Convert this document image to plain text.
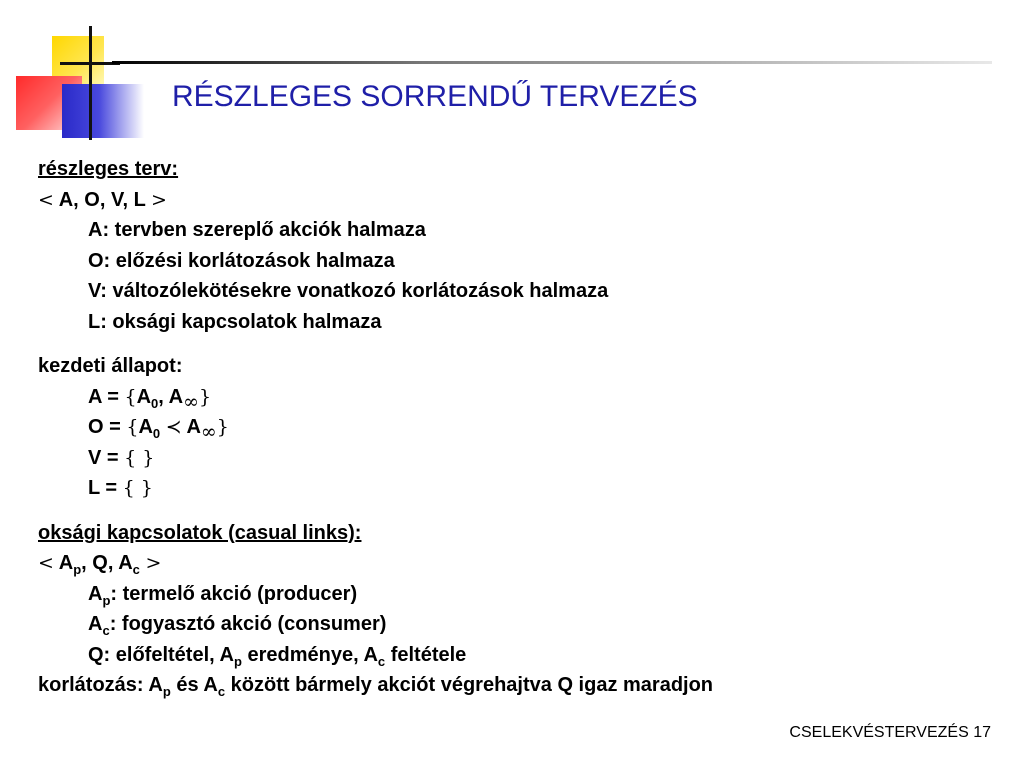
RÉSZLEGES SORRENDŰ TERVEZÉS
részleges terv:
< A, O, V, L >
A: tervben szereplő akciók halmaza
O: előzési korlátozások halmaza
V: változólekötésekre vonatkozó korlátozások halmaza
L: oksági kapcsolatok halmaza
kezdeti állapot:
$A = \{A_0$, $A_\infty$}
$O = \{A_0$ ≺ $A_\infty$}
V = { }
L = { }
oksági kapcsolatok (casual links):
< $A_p$, Q, $A_c$ >
$A_p$: termelő akció (producer)
$A_c$: fogyasztó akció (consumer)
Q: előfeltétel, $A_p$ eredménye, $A_c$ feltétele
korlátozás: $A_p$ és $A_c$ között bármely akciót végrehajtva Q igaz maradjon
CSELEKVÉSTERVEZÉS 17
